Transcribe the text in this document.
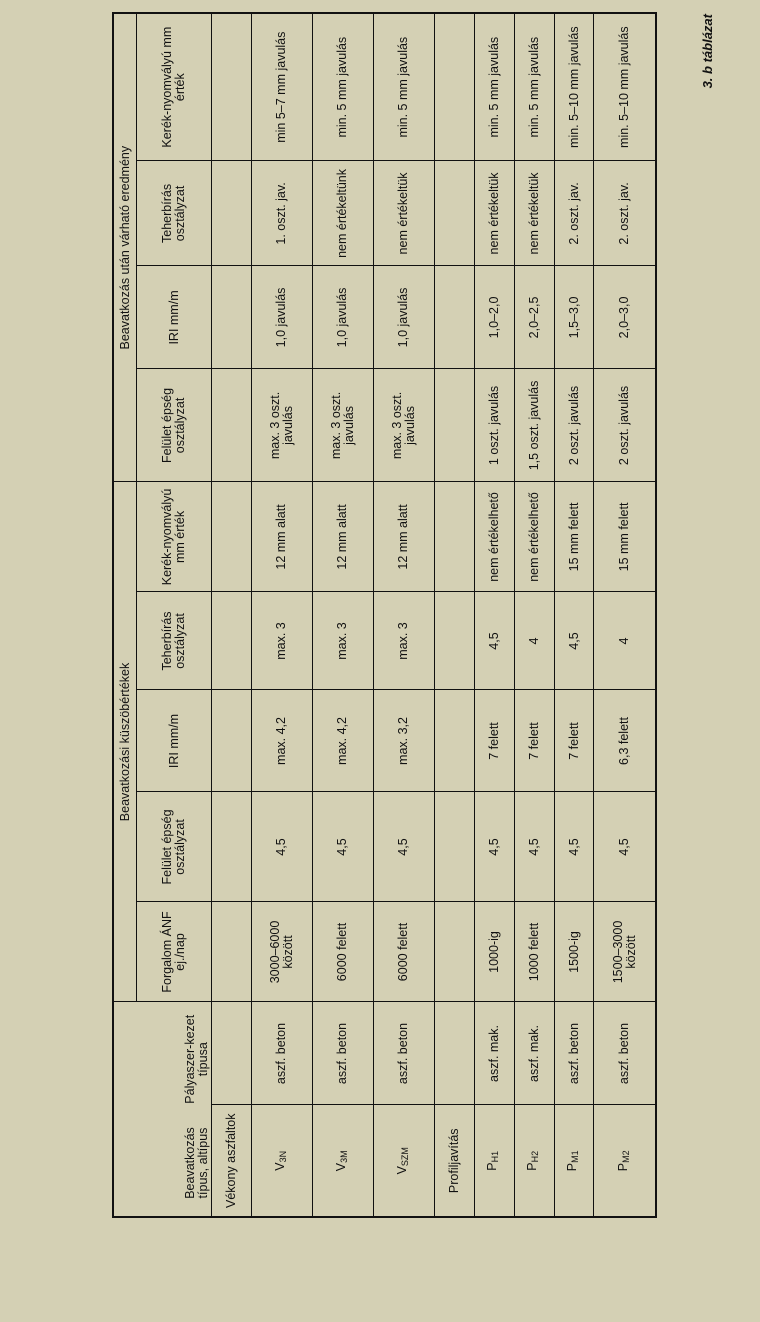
3. b táblázat
Beavatkozás típus, altípus
Pályaszer-kezet típusa		Beavatkozási küszöbértékek					Beavatkozás után várható eredmény			
		Forgalom ÁNF ej./nap	Felület épség osztályzat	IRI mm/m	Teherbírás osztályzat	Kerék-nyomvályú mm érték	Felület épség osztályzat	IRI mm/m	Teherbírás osztályzat	Kerék-nyomvályú mm érték
Vékony aszfaltok										
$V_{3N}$	aszf. beton	3000–6000 között	4,5	max. 4,2	max. 3	12 mm alatt	max. 3 oszt. javulás	1,0 javulás	1. oszt. jav.	min 5–7 mm javulás
$V_{3M}$	aszf. beton	6000 felett	4,5	max. 4,2	max. 3	12 mm alatt	max. 3 oszt. javulás	1,0 javulás	nem értékeltünk	min. 5 mm javulás
$V_{SZM}$	aszf. beton	6000 felett	4,5	max. 3,2	max. 3	12 mm alatt	max. 3 oszt. javulás	1,0 javulás	nem értékeltük	min. 5 mm javulás
Profiljavítás										
$P_{H1}$	aszf. mak.	1000-ig	4,5	7 felett	4,5	nem értékelhető	1 oszt. javulás	1,0–2,0	nem értékeltük	min. 5 mm javulás
$P_{H2}$	aszf. mak.	1000 felett	4,5	7 felett	4	nem értékelhető	1,5 oszt. javulás	2,0–2,5	nem értékeltük	min. 5 mm javulás
$P_{M1}$	aszf. beton	1500-ig	4,5	7 felett	4,5	15 mm felett	2 oszt. javulás	1,5–3,0	2. oszt. jav.	min. 5–10 mm javulás
$P_{M2}$	aszf. beton	1500–3000 között	4,5	6,3 felett	4	15 mm felett	2 oszt. javulás	2,0–3,0	2. oszt. jav.	min. 5–10 mm javulás
